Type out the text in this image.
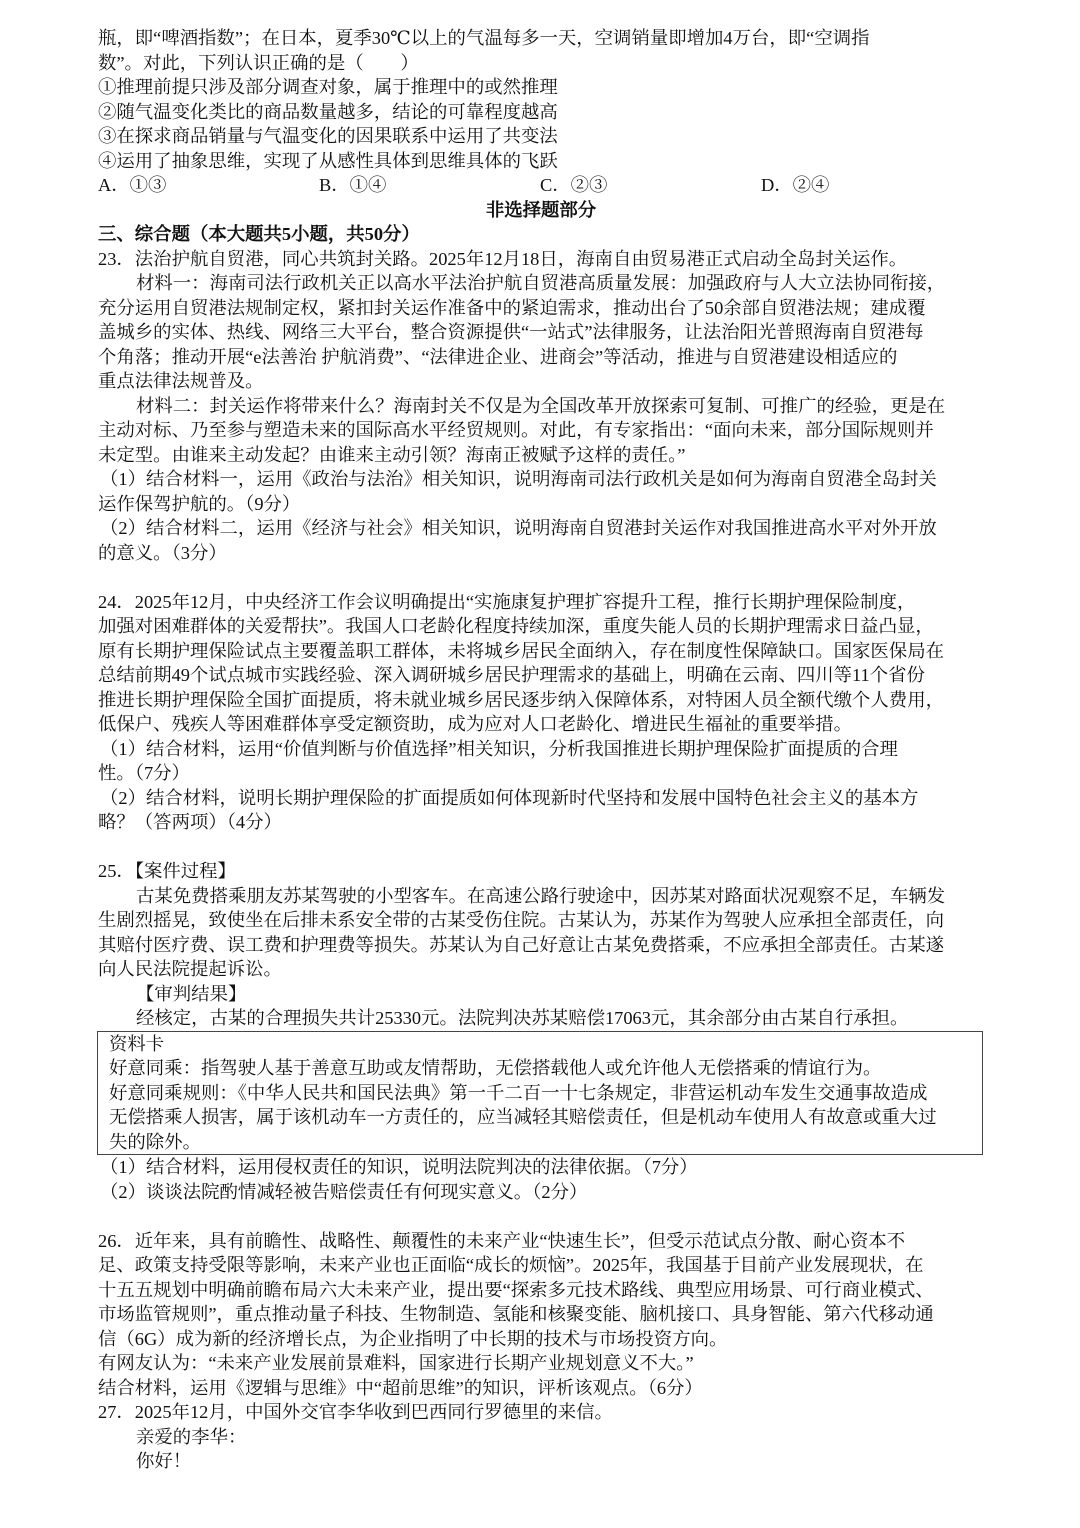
瓶，即“啤酒指数”；在日本，夏季30℃以上的气温每多一天，空调销量即增加4万台，即“空调指
数”。对此，下列认识正确的是（　　）
①推理前提只涉及部分调查对象，属于推理中的或然推理
②随气温变化类比的商品数量越多，结论的可靠程度越高
③在探求商品销量与气温变化的因果联系中运用了共变法
④运用了抽象思维，实现了从感性具体到思维具体的飞跃
A．①③	B．①④	C．②③	D．②④
非选择题部分
三、综合题（本大题共5小题，共50分）
23．法治护航自贸港，同心共筑封关路。2025年12月18日，海南自由贸易港正式启动全岛封关运作。
材料一：海南司法行政机关正以高水平法治护航自贸港高质量发展：加强政府与人大立法协同衔接，
充分运用自贸港法规制定权，紧扣封关运作准备中的紧迫需求，推动出台了50余部自贸港法规；建成覆
盖城乡的实体、热线、网络三大平台，整合资源提供“一站式”法律服务，让法治阳光普照海南自贸港每
个角落；推动开展“e法善治 护航消费”、“法律进企业、进商会”等活动，推进与自贸港建设相适应的
重点法律法规普及。
材料二：封关运作将带来什么？海南封关不仅是为全国改革开放探索可复制、可推广的经验，更是在
主动对标、乃至参与塑造未来的国际高水平经贸规则。对此，有专家指出：“面向未来，部分国际规则并
未定型。由谁来主动发起？由谁来主动引领？海南正被赋予这样的责任。”
（1）结合材料一，运用《政治与法治》相关知识，说明海南司法行政机关是如何为海南自贸港全岛封关
运作保驾护航的。（9分）
（2）结合材料二，运用《经济与社会》相关知识，说明海南自贸港封关运作对我国推进高水平对外开放
的意义。（3分）
24．2025年12月，中央经济工作会议明确提出“实施康复护理扩容提升工程，推行长期护理保险制度，
加强对困难群体的关爱帮扶”。我国人口老龄化程度持续加深，重度失能人员的长期护理需求日益凸显，
原有长期护理保险试点主要覆盖职工群体，未将城乡居民全面纳入，存在制度性保障缺口。国家医保局在
总结前期49个试点城市实践经验、深入调研城乡居民护理需求的基础上，明确在云南、四川等11个省份
推进长期护理保险全国扩面提质，将未就业城乡居民逐步纳入保障体系，对特困人员全额代缴个人费用，
低保户、残疾人等困难群体享受定额资助，成为应对人口老龄化、增进民生福祉的重要举措。
（1）结合材料，运用“价值判断与价值选择”相关知识，分析我国推进长期护理保险扩面提质的合理
性。（7分）
（2）结合材料，说明长期护理保险的扩面提质如何体现新时代坚持和发展中国特色社会主义的基本方
略？（答两项）（4分）
25．【案件过程】
古某免费搭乘朋友苏某驾驶的小型客车。在高速公路行驶途中，因苏某对路面状况观察不足，车辆发
生剧烈摇晃，致使坐在后排未系安全带的古某受伤住院。古某认为，苏某作为驾驶人应承担全部责任，向
其赔付医疗费、误工费和护理费等损失。苏某认为自己好意让古某免费搭乘，不应承担全部责任。古某遂
向人民法院提起诉讼。
【审判结果】
经核定，古某的合理损失共计25330元。法院判决苏某赔偿17063元，其余部分由古某自行承担。
资料卡
好意同乘：指驾驶人基于善意互助或友情帮助，无偿搭载他人或允许他人无偿搭乘的情谊行为。
好意同乘规则：《中华人民共和国民法典》第一千二百一十七条规定，非营运机动车发生交通事故造成
无偿搭乘人损害，属于该机动车一方责任的，应当减轻其赔偿责任，但是机动车使用人有故意或重大过
失的除外。
（1）结合材料，运用侵权责任的知识，说明法院判决的法律依据。（7分）
（2）谈谈法院酌情减轻被告赔偿责任有何现实意义。（2分）
26．近年来，具有前瞻性、战略性、颠覆性的未来产业“快速生长”，但受示范试点分散、耐心资本不
足、政策支持受限等影响，未来产业也正面临“成长的烦恼”。2025年，我国基于目前产业发展现状，在
十五五规划中明确前瞻布局六大未来产业，提出要“探索多元技术路线、典型应用场景、可行商业模式、
市场监管规则”，重点推动量子科技、生物制造、氢能和核聚变能、脑机接口、具身智能、第六代移动通
信（6G）成为新的经济增长点，为企业指明了中长期的技术与市场投资方向。
有网友认为：“未来产业发展前景难料，国家进行长期产业规划意义不大。”
结合材料，运用《逻辑与思维》中“超前思维”的知识，评析该观点。（6分）
27．2025年12月，中国外交官李华收到巴西同行罗德里的来信。
亲爱的李华：
你好！
